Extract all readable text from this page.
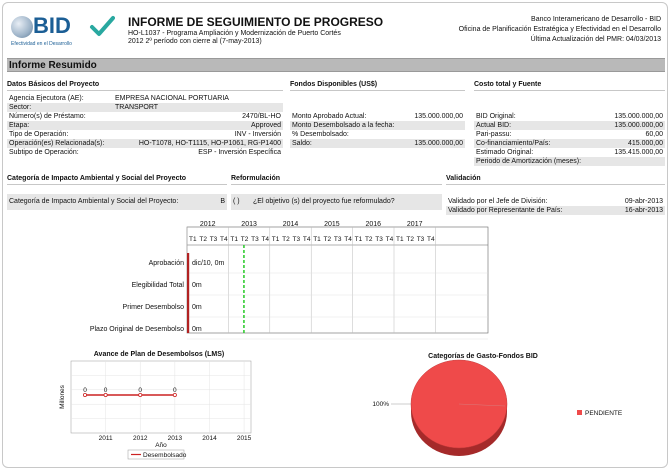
BID
Efectividad en el Desarrollo
INFORME DE SEGUIMIENTO DE PROGRESO
HO-L1037 - Programa Ampliación y Modernización de Puerto Cortés
2012 2º período con cierre al (7-may-2013)
Banco Interamericano de Desarrollo - BID
Oficina de Planificación Estratégica y Efectividad en el Desarrollo
Última Actualización del PMR: 04/03/2013
Informe Resumido
Datos Básicos del Proyecto
Agencia Ejecutora (AE):	EMPRESA NACIONAL PORTUARIA
Sector:	TRANSPORT
Número(s) de Préstamo:	2470/BL-HO
Etapa:	Approved
Tipo de Operación:	INV - Inversión
Operación(es) Relacionada(s):	HO-T1078, HO-T1115, HO-P1061, RG-P1400
Subtipo de Operación:	ESP - Inversión Específica
Fondos Disponibles (US$)
Monto Aprobado Actual:	135.000.000,00
Monto Desembolsado a la fecha:
% Desembolsado:
Saldo:	135.000.000,00
Costo total y Fuente
BID Original:	135.000.000,00
Actual BID:	135.000.000,00
Pari-passu:	60,00
Co-financiamiento/País:	415.000,00
Estimado Original:	135.415.000,00
Periodo de Amortización (meses):
Categoría de Impacto Ambiental y Social del Proyecto
Categoría de Impacto Ambiental y Social del Proyecto:	B
Reformulación
( ) ¿El objetivo (s) del proyecto fue reformulado?
Validación
Validado por el Jefe de División:	09-abr-2013
Validado por Representante de País:	16-abr-2013
2012	2013	2014	2015	2016	2017
T1 T2 T3 T4 T1 T2 T3 T4 T1 T2 T3 T4 T1 T2 T3 T4 T1 T2 T3 T4 T1 T2 T3 T4
Aprobación dic/10, 0m
Elegibilidad Total 0m
Primer Desembolso 0m
Plazo Original de Desembolso 0m
Avance de Plan de Desembolsos (LMS)
2011	2012	2013	2014	2015
Año
Millones	0	0	0	0
Desembolsado
Categorías de Gasto-Fondos BID
100%
PENDIENTE
